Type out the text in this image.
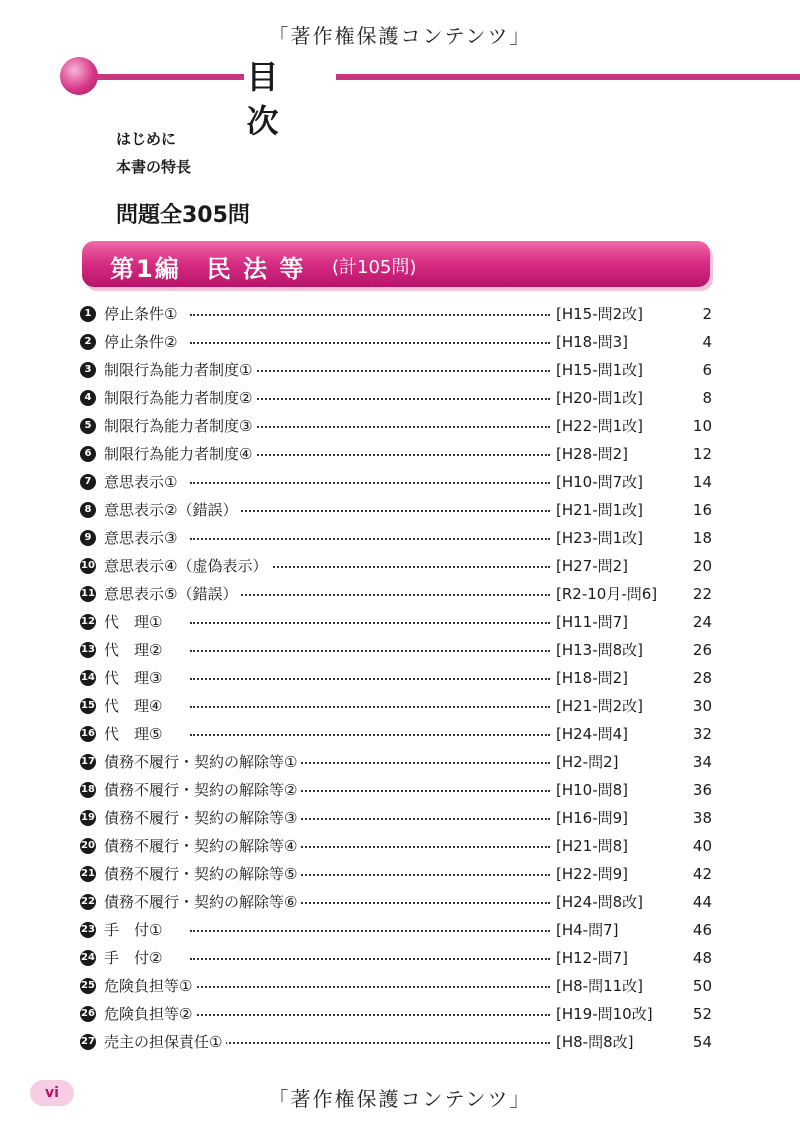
「著作権保護コンテンツ」
目次
はじめに
本書の特長
問題全305問
第1編　民 法 等 (計105問)
1 停止条件①	[H15-問2改]	2
2 停止条件②	[H18-問3]	4
3 制限行為能力者制度①	[H15-問1改]	6
4 制限行為能力者制度②	[H20-問1改]	8
5 制限行為能力者制度③	[H22-問1改]	10
6 制限行為能力者制度④	[H28-問2]	12
7 意思表示①	[H10-問7改]	14
8 意思表示②（錯誤）	[H21-問1改]	16
9 意思表示③	[H23-問1改]	18
10 意思表示④（虚偽表示）	[H27-問2]	20
11 意思表示⑤（錯誤）	[R2-10月-問6]	22
12 代　理①	[H11-問7]	24
13 代　理②	[H13-問8改]	26
14 代　理③	[H18-問2]	28
15 代　理④	[H21-問2改]	30
16 代　理⑤	[H24-問4]	32
17 債務不履行・契約の解除等①	[H2-問2]	34
18 債務不履行・契約の解除等②	[H10-問8]	36
19 債務不履行・契約の解除等③	[H16-問9]	38
20 債務不履行・契約の解除等④	[H21-問8]	40
21 債務不履行・契約の解除等⑤	[H22-問9]	42
22 債務不履行・契約の解除等⑥	[H24-問8改]	44
23 手　付①	[H4-問7]	46
24 手　付②	[H12-問7]	48
25 危険負担等①	[H8-問11改]	50
26 危険負担等②	[H19-問10改]	52
27 売主の担保責任①	[H8-問8改]	54
vi	「著作権保護コンテンツ」
